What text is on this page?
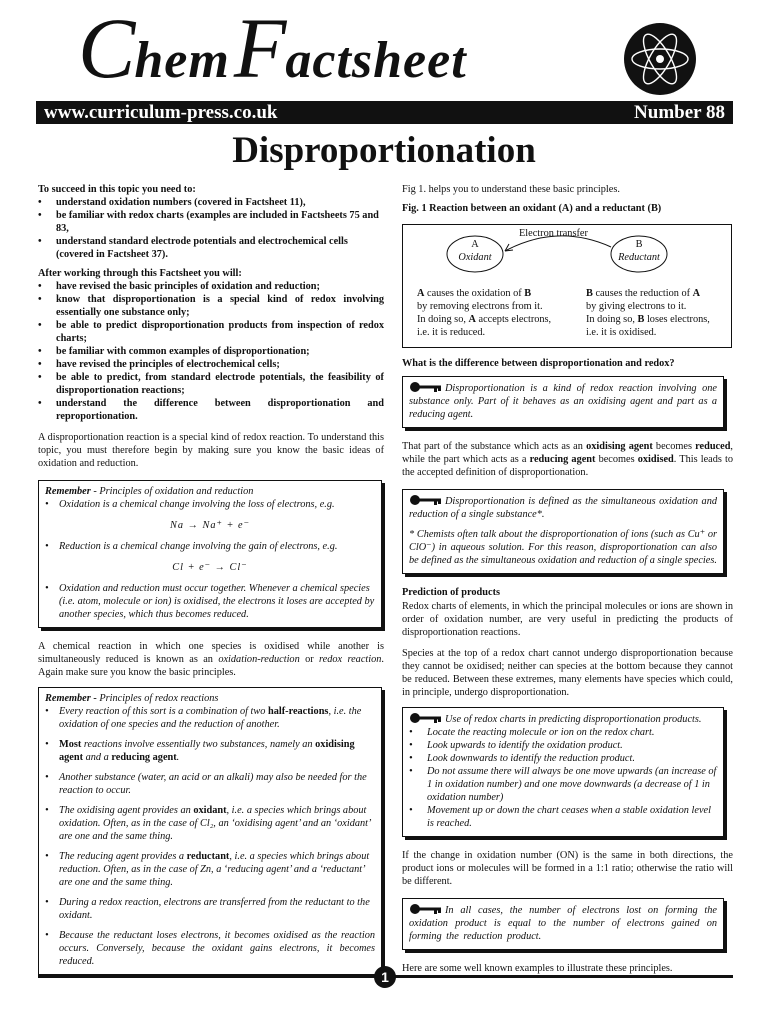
Chem Factsheet
www.curriculum-press.co.uk	Number 88
Disproportionation
To succeed in this topic you need to:
• understand oxidation numbers (covered in Factsheet 11),
• be familiar with redox charts (examples are included in Factsheets 75 and 83,
• understand standard electrode potentials and electrochemical cells (covered in Factsheet 37).
After working through this Factsheet you will:
• have revised the basic principles of oxidation and reduction;
• know that disproportionation is a special kind of redox involving essentially one substance only;
• be able to predict disproportionation products from inspection of redox charts;
• be familiar with common examples of disproportionation;
• have revised the principles of electrochemical cells;
• be able to predict, from standard electrode potentials, the feasibility of disproportionation reactions;
• understand the difference between disproportionation and reproportionation.

A disproportionation reaction is a special kind of redox reaction. To understand this topic, you must therefore begin by making sure you know the basic ideas of oxidation and reduction.

Remember - Principles of oxidation and reduction
• Oxidation is a chemical change involving the loss of electrons, e.g.
Na → Na⁺ + e⁻
• Reduction is a chemical change involving the gain of electrons, e.g.
Cl + e⁻ → Cl⁻
• Oxidation and reduction must occur together. Whenever a chemical species (i.e. atom, molecule or ion) is oxidised, the electrons it loses are accepted by another species, which thus becomes reduced.

A chemical reaction in which one species is oxidised while another is simultaneously reduced is known as an oxidation-reduction or redox reaction. Again make sure you know the basic principles.

Remember - Principles of redox reactions
• Every reaction of this sort is a combination of two half-reactions, i.e. the oxidation of one species and the reduction of another.
• Most reactions involve essentially two substances, namely an oxidising agent and a reducing agent.
• Another substance (water, an acid or an alkali) may also be needed for the reaction to occur.
• The oxidising agent provides an oxidant, i.e. a species which brings about oxidation. Often, as in the case of Cl₂, an ‘oxidising agent’ and an ‘oxidant’ are one and the same thing.
• The reducing agent provides a reductant, i.e. a species which brings about reduction. Often, as in the case of Zn, a ‘reducing agent’ and a ‘reductant’ are one and the same thing.
• During a redox reaction, electrons are transferred from the reductant to the oxidant.
• Because the reductant loses electrons, it becomes oxidised as the reaction occurs. Conversely, because the oxidant gains electrons, it becomes reduced.
Fig 1. helps you to understand these basic principles.
Fig. 1 Reaction between an oxidant (A) and a reductant (B)
Electron transfer
A
Oxidant
B
Reductant
A causes the oxidation of B
by removing electrons from it.
In doing so, A accepts electrons,
i.e. it is reduced.
B causes the reduction of A
by giving electrons to it.
In doing so, B loses electrons,
i.e. it is oxidised.
What is the difference between disproportionation and redox?
Disproportionation is a kind of redox reaction involving one substance only. Part of it behaves as an oxidising agent and part as a reducing agent.

That part of the substance which acts as an oxidising agent becomes reduced, while the part which acts as a reducing agent becomes oxidised. This leads to the accepted definition of disproportionation.

Disproportionation is defined as the simultaneous oxidation and reduction of a single substance*.
* Chemists often talk about the disproportionation of ions (such as Cu⁺ or ClO⁻) in aqueous solution. For this reason, disproportionation can also be defined as the simultaneous oxidation and reduction of a single species.
Prediction of products

Redox charts of elements, in which the principal molecules or ions are shown in order of oxidation number, are very useful in predicting the products of disproportionation reactions.

Species at the top of a redox chart cannot undergo disproportionation because they cannot be oxidised; neither can species at the bottom because they cannot be reduced. Between these extremes, many elements have species which could, in principle, undergo disproportionation.

Use of redox charts in predicting disproportionation products.
• Locate the reacting molecule or ion on the redox chart.
• Look upwards to identify the oxidation product.
• Look downwards to identify the reduction product.
• Do not assume there will always be one move upwards (an increase of 1 in oxidation number) and one move downwards (a decrease of 1 in oxidation number)
• Movement up or down the chart ceases when a stable oxidation level is reached.

If the change in oxidation number (ON) is the same in both directions, the product ions or molecules will be formed in a 1:1 ratio; otherwise the ratio will be different.

In all cases, the number of electrons lost on forming the oxidation product is equal to the number of electrons gained on forming the reduction product.

Here are some well known examples to illustrate these principles.

1
